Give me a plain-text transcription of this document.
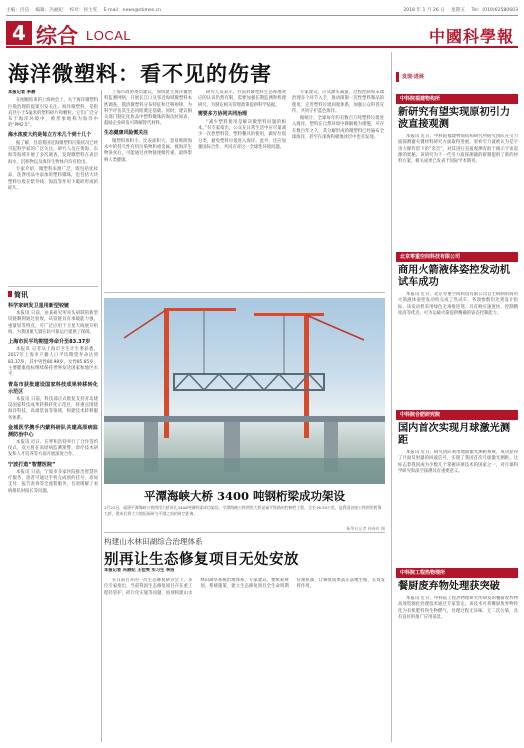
主编：肖洁 编辑：冯丽妃 校对：何士雯 E-mail：news@stimes.cn	2018 年 1 月 26 日 星期五 Tel：(010)62580603
4 综合 LOCAL	中國科學報
海洋微塑料：看不见的伤害

本报记者 李晨

在刚刚结束的上海两会上，关于海洋微塑料污染治理的提案引发关注。海洋微塑料，是指直径小于5毫米的塑料碎片和颗粒，它们广泛分布于海洋环境中，被形象地称为海洋中的“PM2.5”。

海水浓度大约是每立方米几个到十几个

据了解，目前我国近海微塑料污染状况已经引起科学家的广泛关注。研究人员在黄海、东海等海域开展了多次调查，发现微塑料在表层海水、沉积物以及海洋生物体内均有检出。

专家介绍，微塑料来源广泛，既包括化妆品、洗涤用品中添加的塑料微珠，也包括大块塑料垃圾在紫外线、海浪等作用下破碎形成的碎片。

上海市政协委员建议，加快建立海洋微塑料监测网络，开展长江口及邻近海域微塑料本底调查，摸清微塑料分布特征和迁移规律，为科学评估其生态风险奠定基础。同时，建议相关部门制定化妆品中塑料微珠的淘汰时间表，鼓励企业研发可降解替代材料。

生态健康风险需关注

微塑料体积小、比表面积大，容易吸附海水中的持久性有机污染物和重金属，被海洋生物误食后，可能通过食物链逐级传递，最终影响人类健康。

研究人员表示，目前对微塑料生态毒理效应的认识仍然有限，需要加强长期监测和机理研究，为制定相关管理政策提供科学依据。

需要多方协同共同治理

“减少塑料使用是解决微塑料问题的根本。”有专家指出，公众在日常生活中应尽量减少一次性塑料袋、塑料餐具的使用，做好垃圾分类，避免塑料垃圾进入海洋。此外，还应加强国际合作，共同应对这一全球性环境问题。

专家建议，应从源头减量、过程控制和末端治理多个环节入手，推动限制一次性塑料制品的使用，完善塑料垃圾回收体系，加强公众科普宣传，共同守护蓝色海洋。

据统计，全球每年约有数百万吨塑料垃圾进入海洋。塑料在自然环境中降解极为缓慢，可存在数百年之久，其分解形成的微塑料已经遍布全球海洋，甚至在深海和极地冰层中也有发现。

简讯

科学家研发卫星用新型铰链

本报讯 日前，由某研究所牵头研制的新型铰链顺利通过验收，该铰链具有承载能力强、重量轻等特点，可广泛应用于卫星天线展开机构，为我国航天器在轨可靠运行提供了保障。

上海市民平均期望寿命升至83.37岁

本报讯 记者从上海市卫生计生委获悉，2017年上海市户籍人口平均期望寿命达到83.37岁，其中男性80.98岁，女性85.85岁，主要健康指标继续保持世界发达国家和地区水平。

青岛市获批建设国家科技成果转移转化示范区

本报讯 日前，科技部正式批复支持青岛建设国家科技成果转移转化示范区，将重点围绕海洋科技、高端装备等领域，构建技术转移服务体系。

金城医学携手内蒙科研队共建高原病监测防治中心

本报讯 近日，在呼和浩特举行了合作签约仪式，双方将在高原病监测预警、诊疗技术研发和人才培养等方面开展深度合作。

宁波打造“智慧医院”

本报讯 日前，宁波市多家医院推出智慧医疗服务，患者可通过手机完成预约挂号、诊间支付、报告查询等全流程服务，有效缓解了看病排队时间长等问题。	平潭海峡大桥 3400 吨钢桁梁成功架设
1月22日，福建平潭海峡公铁两用大桥首孔3400吨钢桁梁成功架设。平潭海峡公铁两用大桥是福平铁路的控制性工程，全长16.34公里，是我国首座公铁两用跨海大桥，建成后将大大缩短福州与平潭之间的时空距离。
新华社记者 林善传 摄
构建山水林田湖综合治理体系
别再让生态修复项目无处安放

本报记者 冯丽妃 王佳雯 实习生 李洁

在日前召开的一次生态修复研讨会上，多位专家指出，当前我国生态修复项目存在重工程轻管护、碎片化实施等问题，亟须构建山水林田湖草系统治理体系。专家建议，要统筹规划、系统施策，建立生态修复项目全生命周期管理机制，让修复成果真正落地生根、长效发挥作用。

发现·进展
中科院福建物构所
新研究有望实现原初引力波直接观测

本报讯 近日，中科院福建物质结构研究所研究团队在引力波探测器关键材料研究方面取得进展。原初引力波被认为是宇宙大爆炸留下的“余音”，对其进行直接观测有助于揭示宇宙起源的奥秘。该研究为下一代引力波探测器的研制提供了新的材料方案，相关成果已发表于国际学术期刊。

北京零重空间科技有限公司
商用火箭液体姿控发动机试车成功

本报讯 近日，北京零重空间科技有限公司自主研制的商用火箭液体姿控发动机完成了热试车，各项参数均达到设计指标。该发动机采用绿色无毒推进剂，具有响应速度快、控制精度高等优点，可为运载火箭提供精确的姿态控制能力。

中科院合肥研究院
国内首次实现月球激光测距

本报讯 近日，研究团队利用地面激光测距系统，成功获得了月面反射器的回波信号，实现了我国首次月球激光测距。这标志着我国成为少数几个掌握该项技术的国家之一，对月球科学研究和深空探测具有重要意义。

中科院工程热物理所
餐厨废弃物处理获突破

本报讯 近日，中科院工程热物理研究所研发的餐厨废弃物高效资源化处理技术通过专家鉴定。该技术可将餐厨废弃物转化为有机肥料和生物燃气，处理过程无异味、无二次污染，具有良好的推广应用前景。
